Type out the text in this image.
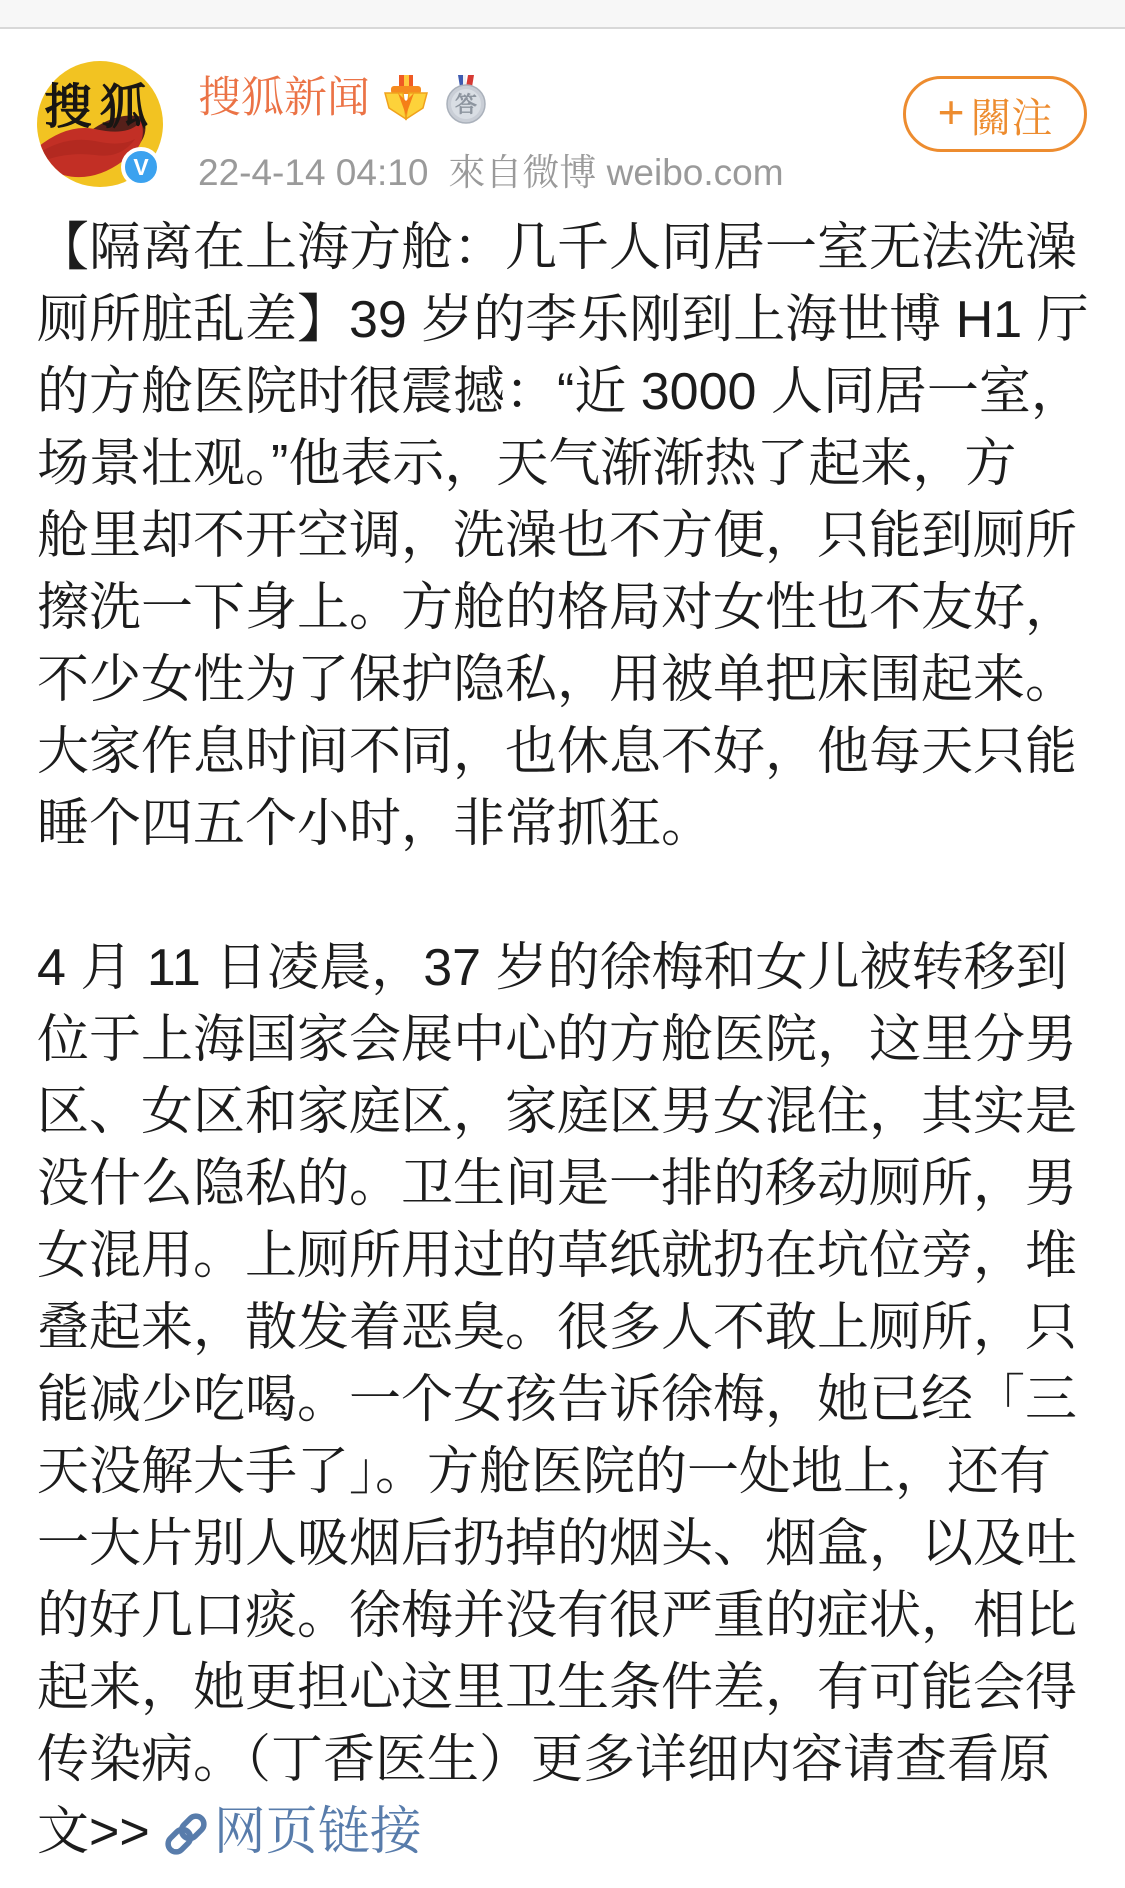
搜狐
V
搜狐新闻	答
22-4-14 04:10 來自微博 weibo.com
+ 關注
【隔离在上海方舱：几千人同居一室无法洗澡
厕所脏乱差】39 岁的李乐刚到上海世博 H1 厅
的方舱医院时很震撼：“近 3000 人同居一室，
场景壮观。”他表示，天气渐渐热了起来，方
舱里却不开空调，洗澡也不方便，只能到厕所
擦洗一下身上。方舱的格局对女性也不友好，
不少女性为了保护隐私，用被单把床围起来。
大家作息时间不同，也休息不好，他每天只能
睡个四五个小时，非常抓狂。
4 月 11 日凌晨，37 岁的徐梅和女儿被转移到
位于上海国家会展中心的方舱医院，这里分男
区、女区和家庭区，家庭区男女混住，其实是
没什么隐私的。卫生间是一排的移动厕所，男
女混用。上厕所用过的草纸就扔在坑位旁，堆
叠起来，散发着恶臭。很多人不敢上厕所，只
能减少吃喝。一个女孩告诉徐梅，她已经「三
天没解大手了」。方舱医院的一处地上，还有
一大片别人吸烟后扔掉的烟头、烟盒，以及吐
的好几口痰。徐梅并没有很严重的症状，相比
起来，她更担心这里卫生条件差，有可能会得
传染病。（丁香医生）更多详细内容请查看原
文>> 网页链接
